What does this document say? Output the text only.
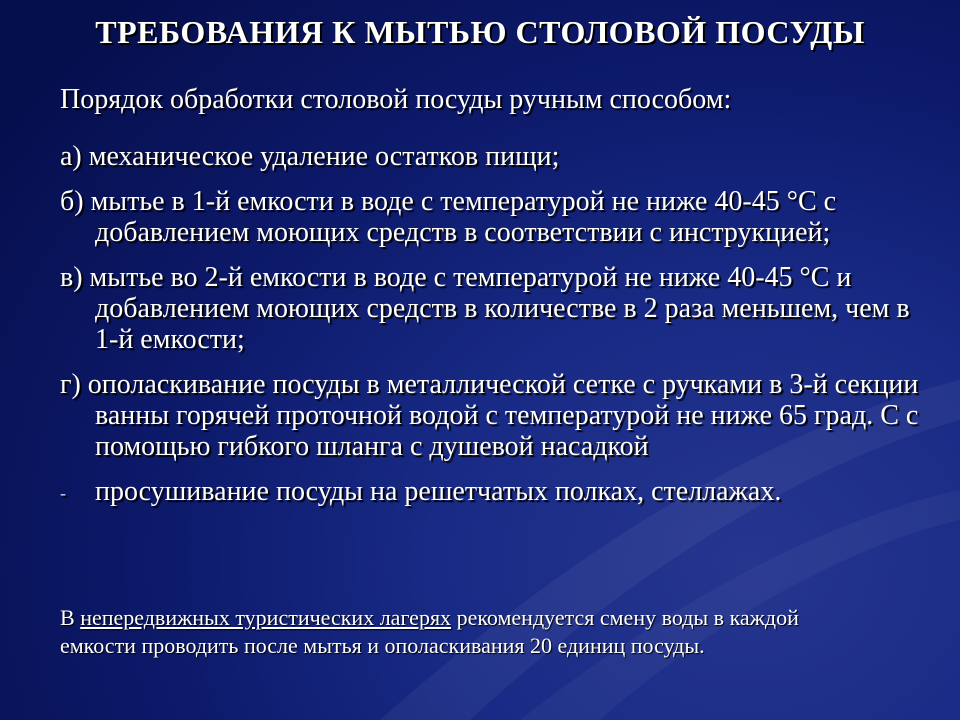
ТРЕБОВАНИЯ К МЫТЬЮ СТОЛОВОЙ ПОСУДЫ
Порядок обработки столовой посуды ручным способом:
а) механическое удаление остатков пищи;
б) мытье в 1-й емкости в воде с температурой не ниже 40-45 °С с добавлением моющих средств в соответствии с инструкцией;
в) мытье во 2-й емкости в воде с температурой не ниже 40-45 °С и добавлением моющих средств в количестве в 2 раза меньшем, чем в 1-й емкости;
г) ополаскивание посуды в металлической сетке с ручками в 3-й секции ванны горячей проточной водой с температурой не ниже 65 град. С с помощью гибкого шланга с душевой насадкой
- просушивание посуды на решетчатых полках, стеллажах.
В непередвижных туристических лагерях рекомендуется смену воды в каждой емкости проводить после мытья и ополаскивания 20 единиц посуды.
